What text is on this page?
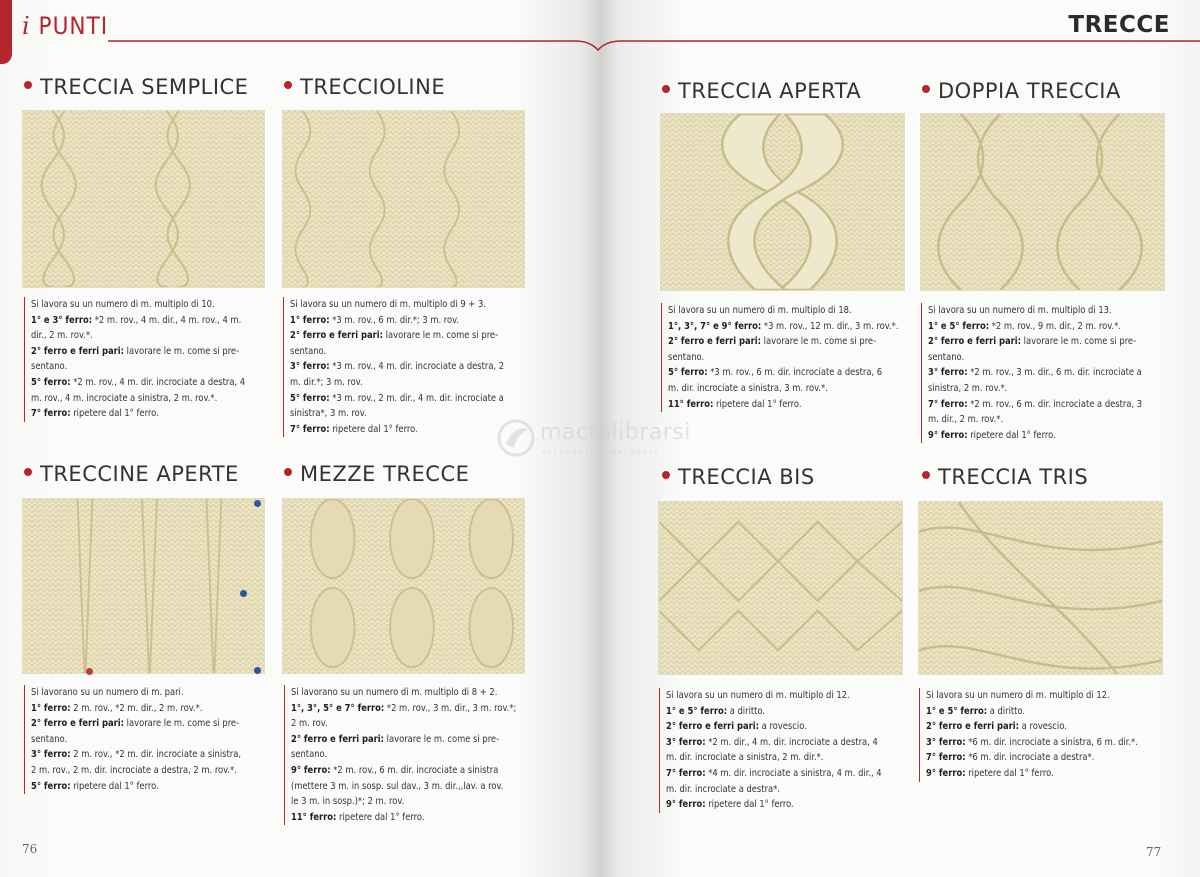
i PUNTI	TRECCE
TRECCIA SEMPLICE	TRECCIOLINE
TRECCINE APERTE	MEZZE TRECCE
TRECCIA APERTA	DOPPIA TRECCIA
TRECCIA BIS	TRECCIA TRIS

Si lavora su un numero di m. multiplo di 10.

1° e 3° ferro: *2 m. rov., 4 m. dir., 4 m. rov., 4 m.

dir., 2 m. rov.*.

2° ferro e ferri pari: lavorare le m. come si pre-

sentano.

5° ferro: *2 m. rov., 4 m. dir. incrociate a destra, 4

m. rov., 4 m. incrociate a sinistra, 2 m. rov.*.

7° ferro: ripetere dal 1° ferro.

Si lavora su un numero di m. multiplo di 9 + 3.

1° ferro: *3 m. rov., 6 m. dir.*; 3 m. rov.

2° ferro e ferri pari: lavorare le m. come si pre-

sentano.

3° ferro: *3 m. rov., 4 m. dir. incrociate a destra, 2

m. dir.*; 3 m. rov.

5° ferro: *3 m. rov., 2 m. dir., 4 m. dir. incrociate a

sinistra*, 3 m. rov.

7° ferro: ripetere dal 1° ferro.

Si lavorano su un numero di m. pari.

1° ferro: 2 m. rov., *2 m. dir., 2 m. rov.*.

2° ferro e ferri pari: lavorare le m. come si pre-

sentano.

3° ferro: 2 m. rov., *2 m. dir. incrociate a sinistra,

2 m. rov., 2 m. dir. incrociate a destra, 2 m. rov.*.

5° ferro: ripetere dal 1° ferro.

Si lavorano su un numero di m. multiplo di 8 + 2.

1°, 3°, 5° e 7° ferro: *2 m. rov., 3 m. dir., 3 m. rov.*;

2 m. rov.

2° ferro e ferri pari: lavorare le m. come si pre-

sentano.

9° ferro: *2 m. rov., 6 m. dir. incrociate a sinistra

(mettere 3 m. in sosp. sul dav., 3 m. dir.,,lav. a rov.

le 3 m. in sosp.)*; 2 m. rov.

11° ferro: ripetere dal 1° ferro.

Si lavora su un numero di m. multiplo di 18.

1°, 3°, 7° e 9° ferro: *3 m. rov., 12 m. dir., 3 m. rov.*.

2° ferro e ferri pari: lavorare le m. come si pre-

sentano.

5° ferro: *3 m. rov., 6 m. dir. incrociate a destra, 6

m. dir. incrociate a sinistra, 3 m. rov.*.

11° ferro: ripetere dal 1° ferro.

Si lavora su un numero di m. multiplo di 13.

1° e 5° ferro: *2 m. rov., 9 m. dir., 2 m. rov.*.

2° ferro e ferri pari: lavorare le m. come si pre-

sentano.

3° ferro: *2 m. rov., 3 m. dir., 6 m. dir. incrociate a

sinistra, 2 m. rov.*.

7° ferro: *2 m. rov., 6 m. dir. incrociate a destra, 3

m. dir., 2 m. rov.*.

9° ferro: ripetere dal 1° ferro.

Si lavora su un numero di m. multiplo di 12.

1° e 5° ferro: a diritto.

2° ferro e ferri pari: a rovescio.

3° ferro: *2 m. dir., 4 m. dir. incrociate a destra, 4

m. dir. incrociate a sinistra, 2 m. dir.*.

7° ferro: *4 m. dir. incrociate a sinistra, 4 m. dir., 4

m. dir. incrociate a destra*.

9° ferro: ripetere dal 1° ferro.

Si lavora su un numero di m. multiplo di 12.

1° e 5° ferro: a diritto.

2° ferro e ferri pari: a rovescio.

3° ferro: *6 m. dir. incrociate a sinistra, 6 m. dir.*.

7° ferro: *6 m. dir. incrociate a destra*.

9° ferro: ripetere dal 1° ferro.

macrolibrarsi
ALTERNATIVA NATURALE
76	77
